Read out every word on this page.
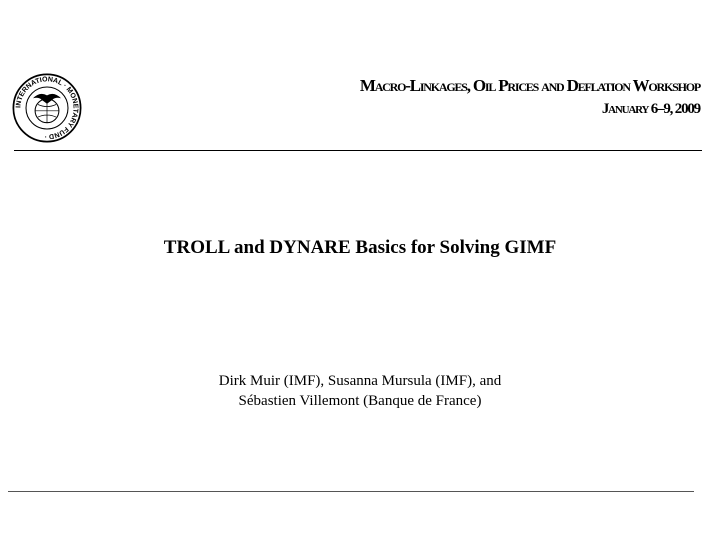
INTERNATIONAL · MONETARY FUND ·
Macro-Linkages, Oil Prices and Deflation Workshop
January 6–9, 2009
TROLL and DYNARE Basics for Solving GIMF
Dirk Muir (IMF), Susanna Mursula (IMF), and
Sébastien Villemont (Banque de France)
